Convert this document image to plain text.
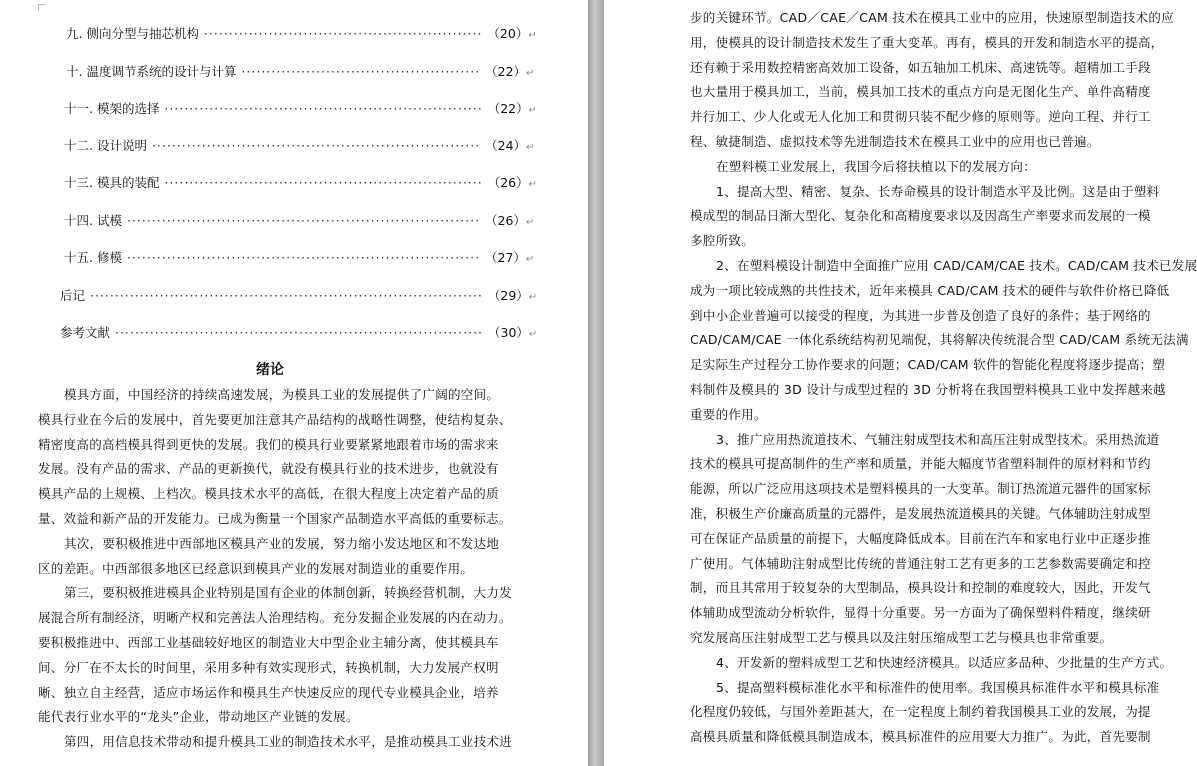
九. 侧向分型与抽芯机构 ························································ （20）↵
十. 温度调节系统的设计与计算 ················································ （22）↵
十一. 模架的选择 ································································ （22）↵
十二. 设计说明 ·································································· （24）↵
十三. 模具的装配 ································································ （26）↵
十四. 试模 ······································································· （26）↵
十五. 修模 ······································································· （27）↵
后记 ··············································································· （29）↵
参考文献 ·········································································· （30）↵
绪论
模具方面，中国经济的持续高速发展，为模具工业的发展提供了广阔的空间。
模具行业在今后的发展中，首先要更加注意其产品结构的战略性调整，使结构复杂、
精密度高的高档模具得到更快的发展。我们的模具行业要紧紧地跟着市场的需求来
发展。没有产品的需求、产品的更新换代，就没有模具行业的技术进步，也就没有
模具产品的上规模、上档次。模具技术水平的高低，在很大程度上决定着产品的质
量、效益和新产品的开发能力。已成为衡量一个国家产品制造水平高低的重要标志。
其次，要积极推进中西部地区模具产业的发展，努力缩小发达地区和不发达地
区的差距。中西部很多地区已经意识到模具产业的发展对制造业的重要作用。
第三，要积极推进模具企业特别是国有企业的体制创新，转换经营机制，大力发
展混合所有制经济，明晰产权和完善法人治理结构。充分发掘企业发展的内在动力。
要积极推进中、西部工业基础较好地区的制造业大中型企业主辅分离，使其模具车
间、分厂在不太长的时间里，采用多种有效实现形式，转换机制，大力发展产权明
晰、独立自主经营，适应市场运作和模具生产快速反应的现代专业模具企业，培养
能代表行业水平的“龙头”企业，带动地区产业链的发展。
第四，用信息技术带动和提升模具工业的制造技术水平，是推动模具工业技术进
步的关键环节。CAD／CAE／CAM 技术在模具工业中的应用，快速原型制造技术的应
用，使模具的设计制造技术发生了重大变革。再有，模具的开发和制造水平的提高，
还有赖于采用数控精密高效加工设备，如五轴加工机床、高速铣等。超精加工手段
也大量用于模具加工，当前，模具加工技术的重点方向是无图化生产、单件高精度
并行加工、少人化或无人化加工和贯彻只装不配少修的原则等。逆向工程、并行工
程、敏捷制造、虚拟技术等先进制造技术在模具工业中的应用也已普遍。
在塑料模工业发展上，我国今后将扶植以下的发展方向：
1、提高大型、精密、复杂、长寿命模具的设计制造水平及比例。这是由于塑料
模成型的制品日渐大型化、复杂化和高精度要求以及因高生产率要求而发展的一模
多腔所致。
2、在塑料模设计制造中全面推广应用 CAD/CAM/CAE 技术。CAD/CAM 技术已发展
成为一项比较成熟的共性技术，近年来模具 CAD/CAM 技术的硬件与软件价格已降低
到中小企业普遍可以接受的程度，为其进一步普及创造了良好的条件；基于网络的
CAD/CAM/CAE 一体化系统结构初见端倪，其将解决传统混合型 CAD/CAM 系统无法满
足实际生产过程分工协作要求的问题；CAD/CAM 软件的智能化程度将逐步提高；塑
料制件及模具的 3D 设计与成型过程的 3D 分析将在我国塑料模具工业中发挥越来越
重要的作用。
3、推广应用热流道技术、气辅注射成型技术和高压注射成型技术。采用热流道
技术的模具可提高制件的生产率和质量，并能大幅度节省塑料制件的原材料和节约
能源，所以广泛应用这项技术是塑料模具的一大变革。制订热流道元器件的国家标
准，积极生产价廉高质量的元器件，是发展热流道模具的关键。气体辅助注射成型
可在保证产品质量的前提下，大幅度降低成本。目前在汽车和家电行业中正逐步推
广使用。气体辅助注射成型比传统的普通注射工艺有更多的工艺参数需要确定和控
制，而且其常用于较复杂的大型制品，模具设计和控制的难度较大，因此，开发气
体辅助成型流动分析软件，显得十分重要。另一方面为了确保塑料件精度，继续研
究发展高压注射成型工艺与模具以及注射压缩成型工艺与模具也非常重要。
4、开发新的塑料成型工艺和快速经济模具。以适应多品种、少批量的生产方式。
5、提高塑料模标准化水平和标准件的使用率。我国模具标准件水平和模具标准
化程度仍较低，与国外差距甚大，在一定程度上制约着我国模具工业的发展，为提
高模具质量和降低模具制造成本，模具标准件的应用要大力推广。为此，首先要制
